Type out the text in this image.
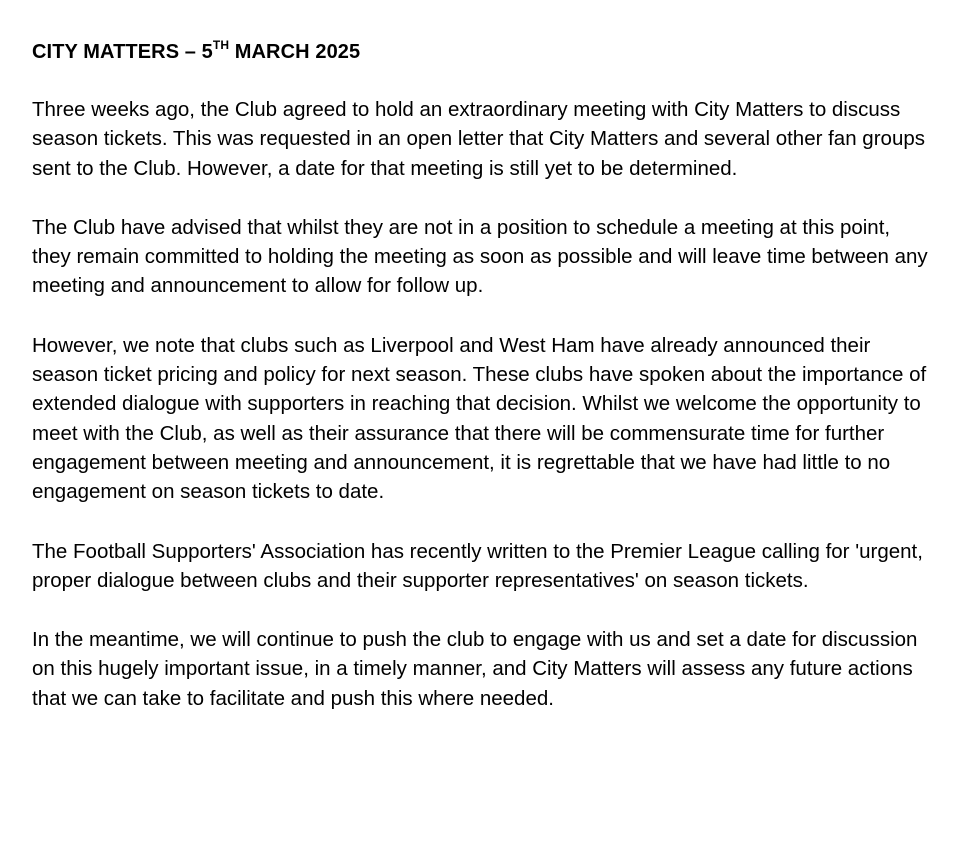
CITY MATTERS – 5TH MARCH 2025

Three weeks ago, the Club agreed to hold an extraordinary meeting with City Matters to discuss season tickets. This was requested in an open letter that City Matters and several other fan groups sent to the Club. However, a date for that meeting is still yet to be determined.

The Club have advised that whilst they are not in a position to schedule a meeting at this point, they remain committed to holding the meeting as soon as possible and will leave time between any meeting and announcement to allow for follow up.

However, we note that clubs such as Liverpool and West Ham have already announced their season ticket pricing and policy for next season. These clubs have spoken about the importance of extended dialogue with supporters in reaching that decision. Whilst we welcome the opportunity to meet with the Club, as well as their assurance that there will be commensurate time for further engagement between meeting and announcement, it is regrettable that we have had little to no engagement on season tickets to date.

The Football Supporters' Association has recently written to the Premier League calling for 'urgent, proper dialogue between clubs and their supporter representatives' on season tickets.

In the meantime, we will continue to push the club to engage with us and set a date for discussion on this hugely important issue, in a timely manner, and City Matters will assess any future actions that we can take to facilitate and push this where needed.
